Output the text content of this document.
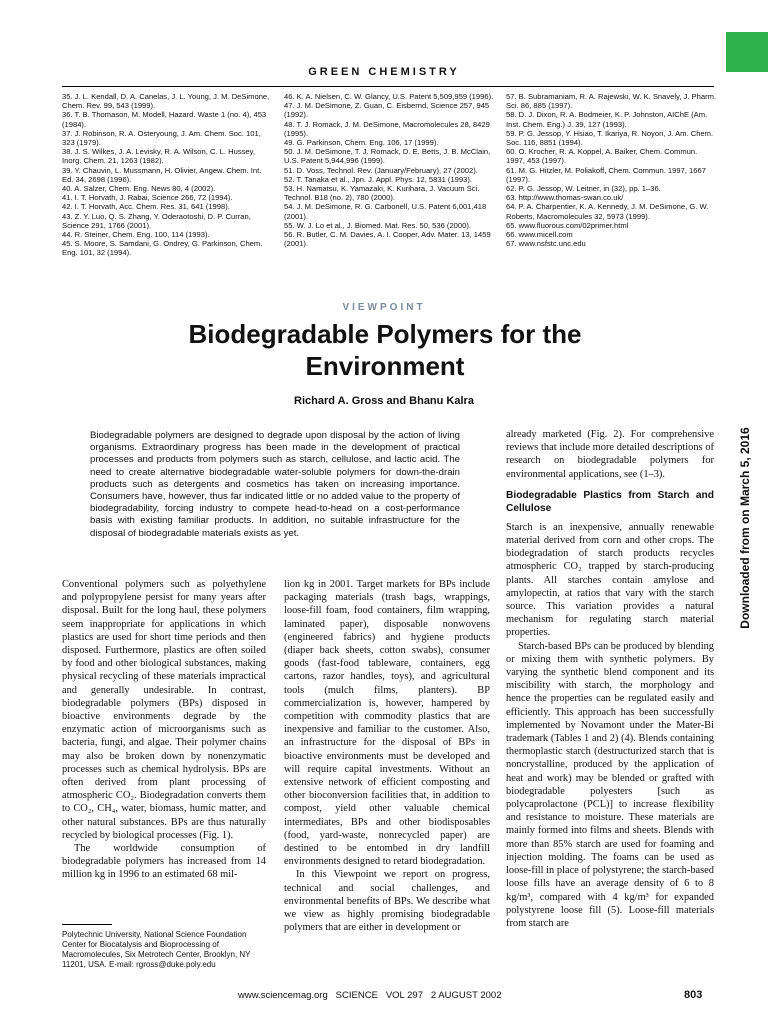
GREEN CHEMISTRY

35. J. L. Kendall, D. A. Canelas, J. L. Young, J. M. DeSimone, Chem. Rev. 99, 543 (1999).

36. T. B. Thomason, M. Modell, Hazard. Waste 1 (no. 4), 453 (1984).

37. J. Robinson, R. A. Osteryoung, J. Am. Chem. Soc. 101, 323 (1979).

38. J. S. Wilkes, J. A. Levisky, R. A. Wilson, C. L. Hussey, Inorg. Chem. 21, 1263 (1982).

39. Y. Chauvin, L. Mussmann, H. Olivier, Angew. Chem. Int. Ed. 34, 2698 (1996).

40. A. Salzer, Chem. Eng. News 80, 4 (2002).

41. I. T. Horvath, J. Rabai, Science 266, 72 (1994).

42. I. T. Horvath, Acc. Chem. Res. 31, 641 (1998).

43. Z. Y. Luo, Q. S. Zhang, Y. Oderaotoshi, D. P. Curran, Science 291, 1766 (2001).

44. R. Steiner, Chem. Eng. 100, 114 (1993).

45. S. Moore, S. Samdani, G. Ondrey, G. Parkinson, Chem. Eng. 101, 32 (1994).

46. K. A. Nielsen, C. W. Glancy, U.S. Patent 5,509,959 (1996).

47. J. M. DeSimone, Z. Guan, C. Eisbernd, Science 257, 945 (1992).

48. T. J. Romack, J. M. DeSimone, Macromolecules 28, 8429 (1995).

49. G. Parkinson, Chem. Eng. 106, 17 (1999).

50. J. M. DeSimone, T. J. Romack, D. E. Betts, J. B. McClain, U.S. Patent 5,944,996 (1999).

51. D. Voss, Technol. Rev. (January/February), 27 (2002).

52. T. Tanaka et al., Jpn. J. Appl. Phys. 12, 5831 (1993).

53. H. Namatsu, K. Yamazaki, K. Kurihara, J. Vacuum Sci. Technol. B18 (no. 2), 780 (2000).

54. J. M. DeSimone, R. G. Carbonell, U.S. Patent 6,001,418 (2001).

55. W. J. Lo et al., J. Biomed. Mat. Res. 50, 536 (2000).

56. R. Butler, C. M. Davies, A. I. Cooper, Adv. Mater. 13, 1459 (2001).

57. B. Subramaniam, R. A. Rajewski, W. K. Snavely, J. Pharm. Sci. 86, 885 (1997).

58. D. J. Dixon, R. A. Bodmeier, K. P. Johnston, AIChE (Am. Inst. Chem. Eng.) J. 39, 127 (1993).

59. P. G. Jessop, Y. Hsiao, T. Ikariya, R. Noyori, J. Am. Chem. Soc. 116, 8851 (1994).

60. O. Krocher, R. A. Koppel, A. Baiker, Chem. Commun. 1997, 453 (1997).

61. M. G. Hitzler, M. Poliakoff, Chem. Commun. 1997, 1667 (1997).

62. P. G. Jessop, W. Leitner, in (32), pp. 1–36.

63. http://www.thomas-swan.co.uk/

64. P. A. Charpentier, K. A. Kennedy, J. M. DeSimone, G. W. Roberts, Macromolecules 32, 5973 (1999).

65. www.fluorous.com/02primer.html

66. www.micell.com

67. www.nsfstc.unc.edu

VIEWPOINT
Biodegradable Polymers for the Environment
Richard A. Gross and Bhanu Kalra
Biodegradable polymers are designed to degrade upon disposal by the action of living organisms. Extraordinary progress has been made in the development of practical processes and products from polymers such as starch, cellulose, and lactic acid. The need to create alternative biodegradable water-soluble polymers for down-the-drain products such as detergents and cosmetics has taken on increasing importance. Consumers have, however, thus far indicated little or no added value to the property of biodegradability, forcing industry to compete head-to-head on a cost-performance basis with existing familiar products. In addition, no suitable infrastructure for the disposal of biodegradable materials exists as yet.

Conventional polymers such as polyethylene and polypropylene persist for many years after disposal. Built for the long haul, these polymers seem inappropriate for applications in which plastics are used for short time periods and then disposed. Furthermore, plastics are often soiled by food and other biological substances, making physical recycling of these materials impractical and generally undesirable. In contrast, biodegradable polymers (BPs) disposed in bioactive environments degrade by the enzymatic action of microorganisms such as bacteria, fungi, and algae. Their polymer chains may also be broken down by nonenzymatic processes such as chemical hydrolysis. BPs are often derived from plant processing of atmospheric CO₂. Biodegradation converts them to CO₂, CH₄, water, biomass, humic matter, and other natural substances. BPs are thus naturally recycled by biological processes (Fig. 1).

The worldwide consumption of biodegradable polymers has increased from 14 million kg in 1996 to an estimated 68 mil-

lion kg in 2001. Target markets for BPs include packaging materials (trash bags, wrappings, loose-fill foam, food containers, film wrapping, laminated paper), disposable nonwovens (engineered fabrics) and hygiene products (diaper back sheets, cotton swabs), consumer goods (fast-food tableware, containers, egg cartons, razor handles, toys), and agricultural tools (mulch films, planters). BP commercialization is, however, hampered by competition with commodity plastics that are inexpensive and familiar to the customer. Also, an infrastructure for the disposal of BPs in bioactive environments must be developed and will require capital investments. Without an extensive network of efficient composting and other bioconversion facilities that, in addition to compost, yield other valuable chemical intermediates, BPs and other biodisposables (food, yard-waste, nonrecycled paper) are destined to be entombed in dry landfill environments designed to retard biodegradation.

In this Viewpoint we report on progress, technical and social challenges, and environmental benefits of BPs. We describe what we view as highly promising biodegradable polymers that are either in development or

already marketed (Fig. 2). For comprehensive reviews that include more detailed descriptions of research on biodegradable polymers for environmental applications, see (1–3).

Biodegradable Plastics from Starch and Cellulose

Starch is an inexpensive, annually renewable material derived from corn and other crops. The biodegradation of starch products recycles atmospheric CO₂ trapped by starch-producing plants. All starches contain amylose and amylopectin, at ratios that vary with the starch source. This variation provides a natural mechanism for regulating starch material properties.

Starch-based BPs can be produced by blending or mixing them with synthetic polymers. By varying the synthetic blend component and its miscibility with starch, the morphology and hence the properties can be regulated easily and efficiently. This approach has been successfully implemented by Novamont under the Mater-Bi trademark (Tables 1 and 2) (4). Blends containing thermoplastic starch (destructurized starch that is noncrystalline, produced by the application of heat and work) may be blended or grafted with biodegradable polyesters [such as polycaprolactone (PCL)] to increase flexibility and resistance to moisture. These materials are mainly formed into films and sheets. Blends with more than 85% starch are used for foaming and injection molding. The foams can be used as loose-fill in place of polystyrene; the starch-based loose fills have an average density of 6 to 8 kg/m³, compared with 4 kg/m³ for expanded polystyrene loose fill (5). Loose-fill materials from starch are

Polytechnic University, National Science Foundation Center for Biocatalysis and Bioprocessing of Macromolecules, Six Metrotech Center, Brooklyn, NY 11201, USA. E-mail: rgross@duke.poly.edu
Downloaded from on March 5, 2016
www.sciencemag.org   SCIENCE   VOL 297   2 AUGUST 2002	803
